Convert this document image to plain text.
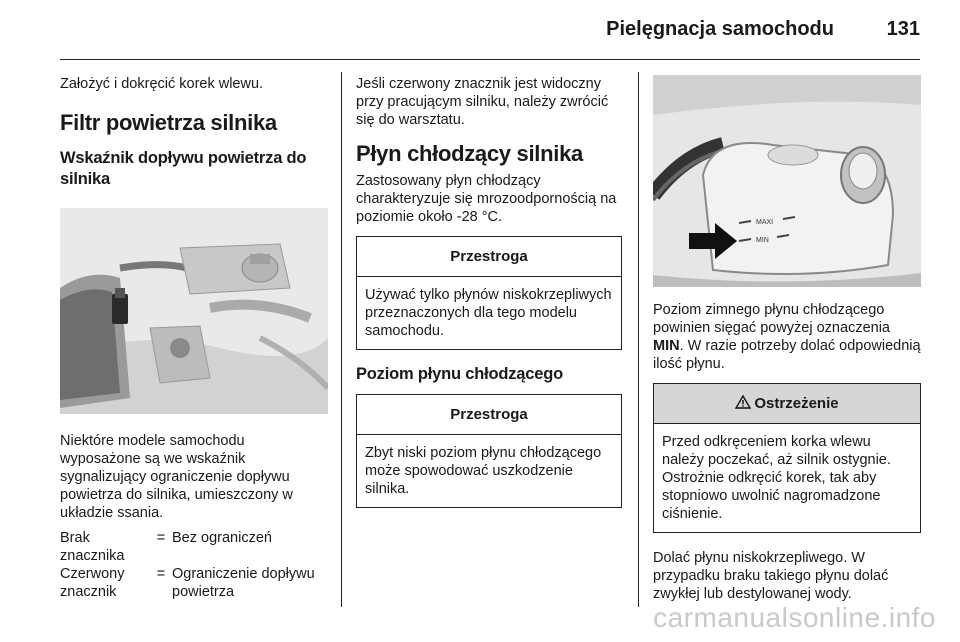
Pielęgnacja samochodu	131

Założyć i dokręcić korek wlewu.

Filtr powietrza silnika
Wskaźnik dopływu powietrza do silnika

Niektóre modele samochodu wyposażone są we wskaźnik sygnalizujący ograniczenie dopływu powietrza do silnika, umieszczony w układzie ssania.

Brak znacznika	=	Bez ograniczeń
Czerwony znacznik	=	Ograniczenie dopływu powietrza

Jeśli czerwony znacznik jest widoczny przy pracującym silniku, należy zwrócić się do warsztatu.

Płyn chłodzący silnika

Zastosowany płyn chłodzący charakteryzuje się mrozoodpornością na poziomie około -28 °C.

Przestroga
Używać tylko płynów niskokrzepliwych przeznaczonych dla tego modelu samochodu.
Poziom płynu chłodzącego
Przestroga
Zbyt niski poziom płynu chłodzącego może spowodować uszkodzenie silnika.
MAXI
MIN

Poziom zimnego płynu chłodzącego powinien sięgać powyżej oznaczenia MIN. W razie potrzeby dolać odpowiednią ilość płynu.

Ostrzeżenie
Przed odkręceniem korka wlewu należy poczekać, aż silnik ostygnie. Ostrożnie odkręcić korek, tak aby stopniowo uwolnić nagromadzone ciśnienie.

Dolać płynu niskokrzepliwego. W przypadku braku takiego płynu dolać zwykłej lub destylowanej wody.

carmanualsonline.info
